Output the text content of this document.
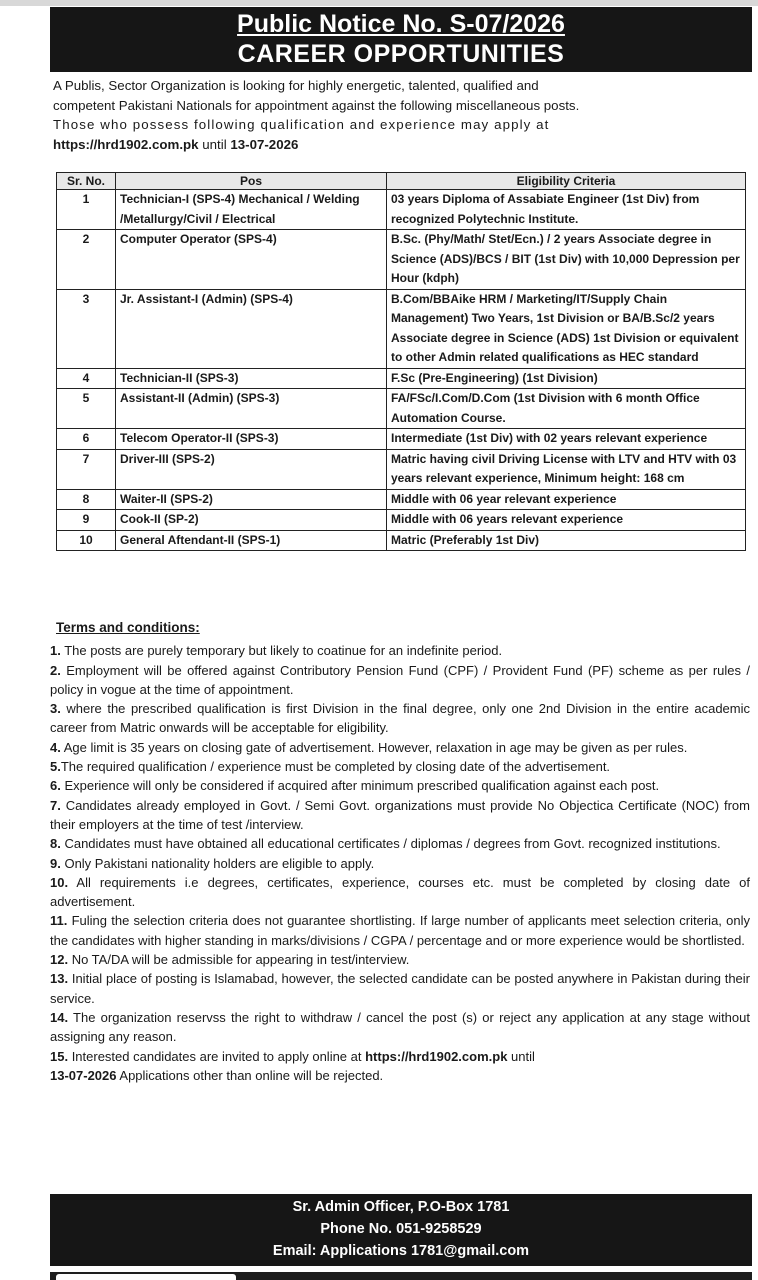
Public Notice No. S-07/2026
CAREER OPPORTUNITIES
A Publis, Sector Organization is looking for highly energetic, talented, qualified and
competent Pakistani Nationals for appointment against the following miscellaneous posts.
Those who possess following qualification and experience may apply at
https://hrd1902.com.pk until 13-07-2026
Sr. No.	Pos	Eligibility Criteria
1	Technician-I (SPS-4) Mechanical / Welding /Metallurgy/Civil / Electrical	03 years Diploma of Assabiate Engineer (1st Div) from recognized Polytechnic Institute.
2	Computer Operator (SPS-4)	B.Sc. (Phy/Math/ Stet/Ecn.) / 2 years Associate degree in Science (ADS)/BCS / BIT (1st Div) with 10,000 Depression per Hour (kdph)
3	Jr. Assistant-I (Admin) (SPS-4)	B.Com/BBAike HRM / Marketing/IT/Supply Chain Management) Two Years, 1st Division or BA/B.Sc/2 years Associate degree in Science (ADS) 1st Division or equivalent to other Admin related qualifications as HEC standard
4	Technician-II (SPS-3)	F.Sc (Pre-Engineering) (1st Division)
5	Assistant-II (Admin) (SPS-3)	FA/FSc/I.Com/D.Com (1st Division with 6 month Office Automation Course.
6	Telecom Operator-II (SPS-3)	Intermediate (1st Div) with 02 years relevant experience
7	Driver-III (SPS-2)	Matric having civil Driving License with LTV and HTV with 03 years relevant experience, Minimum height: 168 cm
8	Waiter-II (SPS-2)	Middle with 06 year relevant experience
9	Cook-II (SP-2)	Middle with 06 years relevant experience
10	General Aftendant-II (SPS-1)	Matric (Preferably 1st Div)
Terms and conditions:
1. The posts are purely temporary but likely to coatinue for an indefinite period.
2. Employment will be offered against Contributory Pension Fund (CPF) / Provident Fund (PF) scheme as per rules / policy in vogue at the time of appointment.
3. where the prescribed qualification is first Division in the final degree, only one 2nd Division in the entire academic career from Matric onwards will be acceptable for eligibility.
4. Age limit is 35 years on closing gate of advertisement. However, relaxation in age may be given as per rules.
5.The required qualification / experience must be completed by closing date of the advertisement.
6. Experience will only be considered if acquired after minimum prescribed qualification against each post.
7. Candidates already employed in Govt. / Semi Govt. organizations must provide No Objectica Certificate (NOC) from their employers at the time of test /interview.
8. Candidates must have obtained all educational certificates / diplomas / degrees from Govt. recognized institutions.
9. Only Pakistani nationality holders are eligible to apply.
10. All requirements i.e degrees, certificates, experience, courses etc. must be completed by closing date of advertisement.
11. Fuling the selection criteria does not guarantee shortlisting. If large number of applicants meet selection criteria, only the candidates with higher standing in marks/divisions / CGPA / percentage and or more experience would be shortlisted.
12. No TA/DA will be admissible for appearing in test/interview.
13. Initial place of posting is Islamabad, however, the selected candidate can be posted anywhere in Pakistan during their service.
14. The organization reservss the right to withdraw / cancel the post (s) or reject any application at any stage without assigning any reason.
15. Interested candidates are invited to apply online at https://hrd1902.com.pk until
13-07-2026 Applications other than online will be rejected.
Sr. Admin Officer, P.O-Box 1781
Phone No. 051-9258529
Email: Applications 1781@gmail.com
